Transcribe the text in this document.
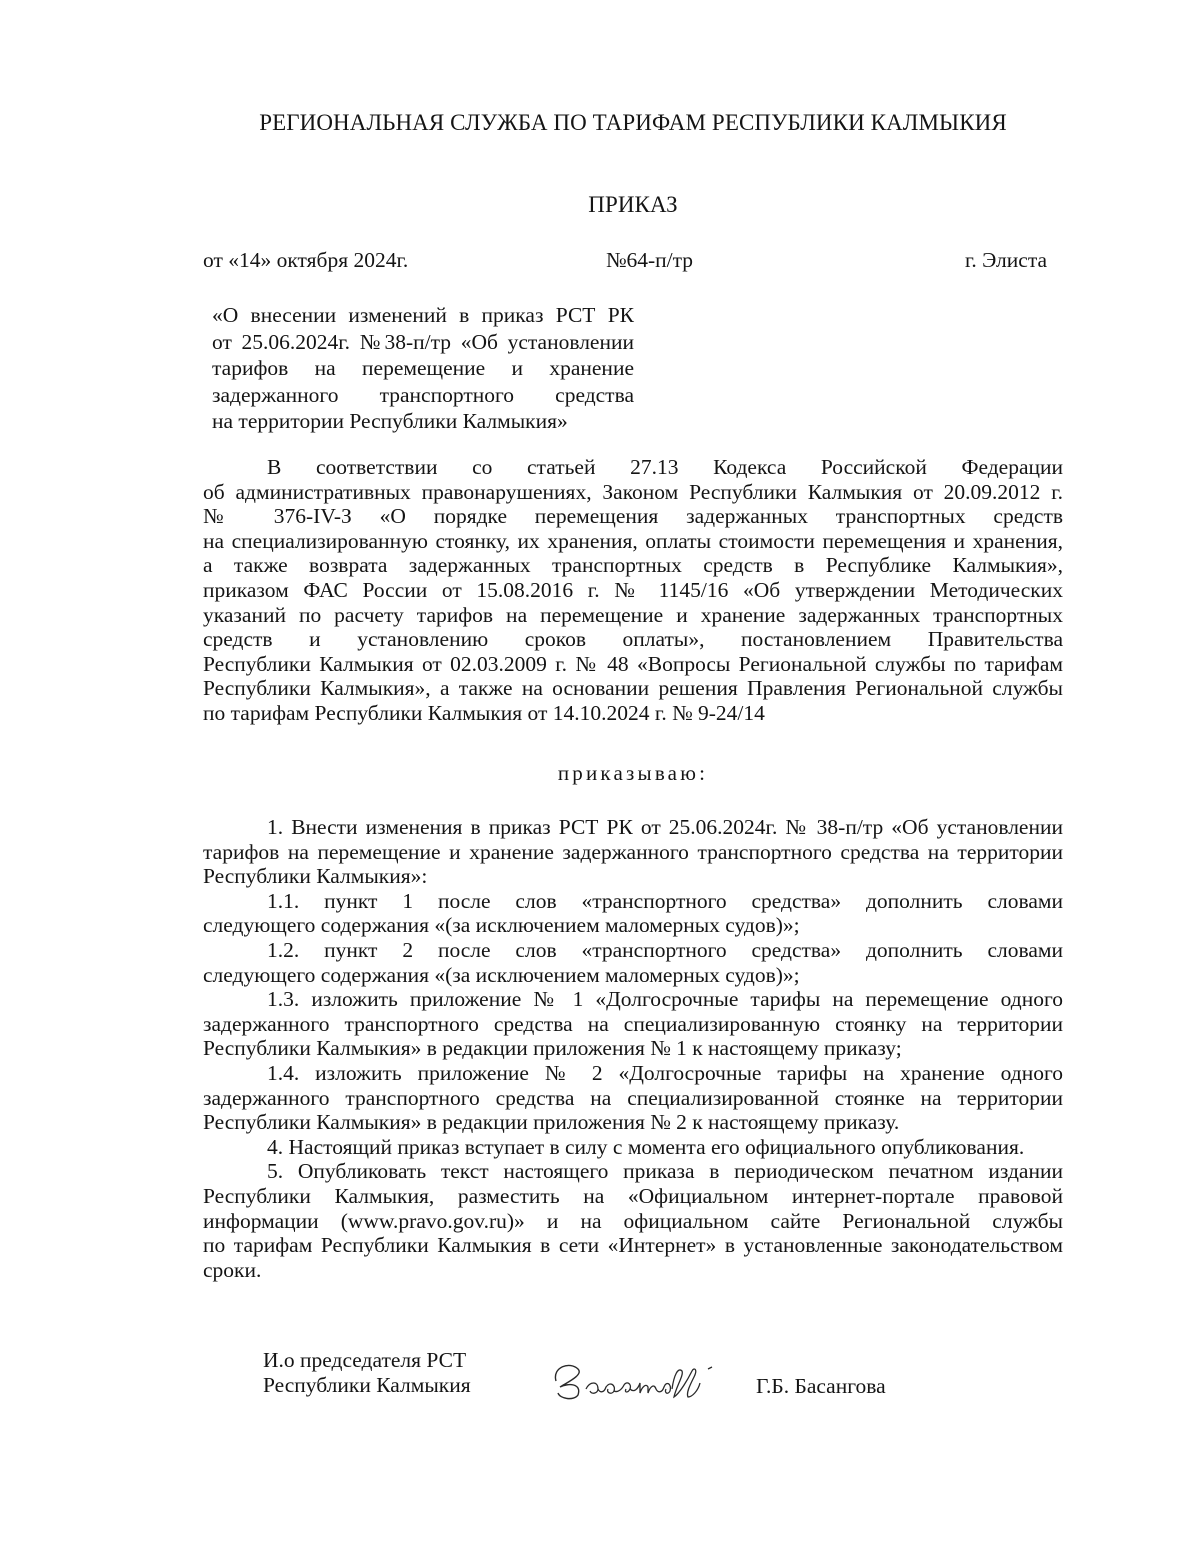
РЕГИОНАЛЬНАЯ СЛУЖБА ПО ТАРИФАМ РЕСПУБЛИКИ КАЛМЫКИЯ
ПРИКАЗ
от «14» октября 2024г.	№64-п/тр	г. Элиста
«О внесении изменений в приказ РСТ РК
от 25.06.2024г. №38-п/тр «Об установлении
тарифов на перемещение и хранение
задержанного транспортного средства
на территории Республики Калмыкия»
В соответствии со статьей 27.13 Кодекса Российской Федерации
об административных правонарушениях, Законом Республики Калмыкия от 20.09.2012 г.
№ 376-IV-З «О порядке перемещения задержанных транспортных средств
на специализированную стоянку, их хранения, оплаты стоимости перемещения и хранения,
а также возврата задержанных транспортных средств в Республике Калмыкия»,
приказом ФАС России от 15.08.2016 г. № 1145/16 «Об утверждении Методических
указаний по расчету тарифов на перемещение и хранение задержанных транспортных
средств и установлению сроков оплаты», постановлением Правительства
Республики Калмыкия от 02.03.2009 г. № 48 «Вопросы Региональной службы по тарифам
Республики Калмыкия», а также на основании решения Правления Региональной службы
по тарифам Республики Калмыкия от 14.10.2024 г. № 9-24/14
приказываю:
1. Внести изменения в приказ РСТ РК от 25.06.2024г. № 38-п/тр «Об установлении
тарифов на перемещение и хранение задержанного транспортного средства на территории
Республики Калмыкия»:
1.1. пункт 1 после слов «транспортного средства» дополнить словами
следующего содержания «(за исключением маломерных судов)»;
1.2. пункт 2 после слов «транспортного средства» дополнить словами
следующего содержания «(за исключением маломерных судов)»;
1.3. изложить приложение № 1 «Долгосрочные тарифы на перемещение одного
задержанного транспортного средства на специализированную стоянку на территории
Республики Калмыкия» в редакции приложения № 1 к настоящему приказу;
1.4. изложить приложение № 2 «Долгосрочные тарифы на хранение одного
задержанного транспортного средства на специализированной стоянке на территории
Республики Калмыкия» в редакции приложения № 2 к настоящему приказу.
4. Настоящий приказ вступает в силу с момента его официального опубликования.
5. Опубликовать текст настоящего приказа в периодическом печатном издании
Республики Калмыкия, разместить на «Официальном интернет-портале правовой
информации (www.pravo.gov.ru)» и на официальном сайте Региональной службы
по тарифам Республики Калмыкия в сети «Интернет» в установленные законодательством
сроки.
И.о председателя РСТ
Республики Калмыкия	Г.Б. Басангова
